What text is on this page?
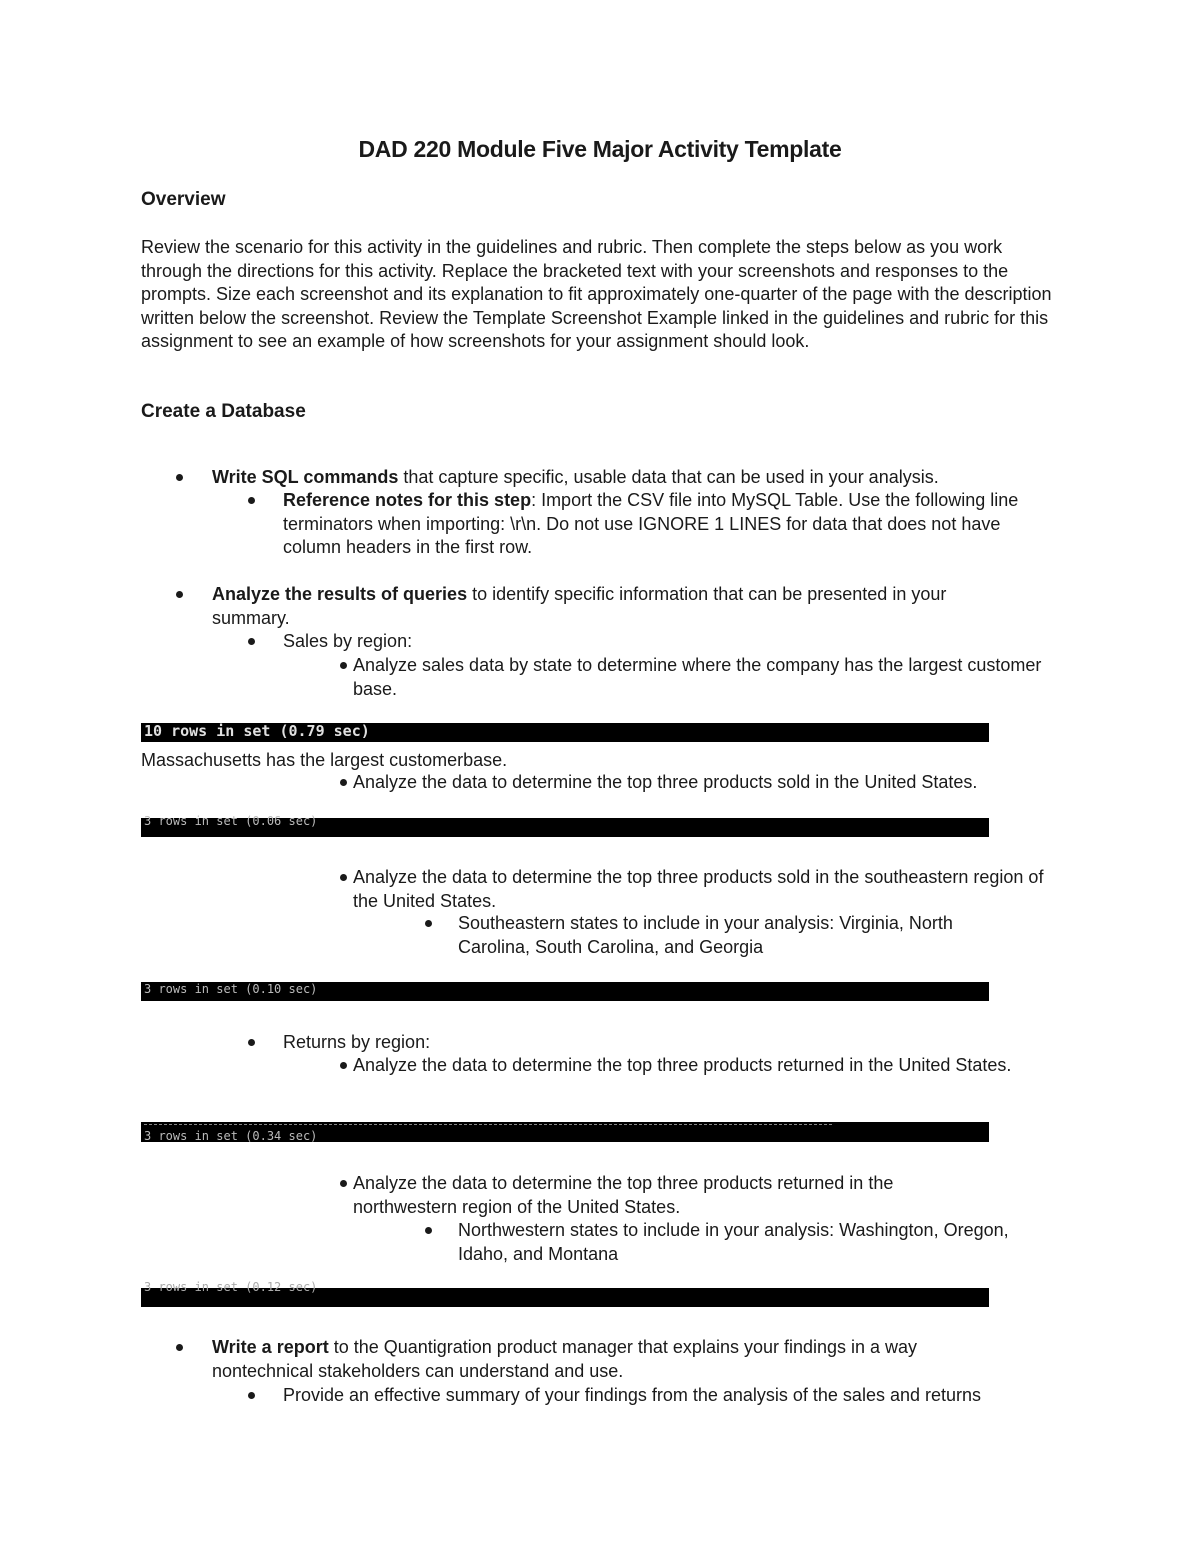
DAD 220 Module Five Major Activity Template
Overview
Review the scenario for this activity in the guidelines and rubric. Then complete the steps below as you work through the directions for this activity. Replace the bracketed text with your screenshots and responses to the prompts. Size each screenshot and its explanation to fit approximately one-quarter of the page with the description written below the screenshot. Review the Template Screenshot Example linked in the guidelines and rubric for this assignment to see an example of how screenshots for your assignment should look.
Create a Database
Write SQL commands that capture specific, usable data that can be used in your analysis.
Reference notes for this step: Import the CSV file into MySQL Table. Use the following line terminators when importing: \r\n. Do not use IGNORE 1 LINES for data that does not have column headers in the first row.
Analyze the results of queries to identify specific information that can be presented in your summary.
Sales by region:
Analyze sales data by state to determine where the company has the largest customer base.
10 rows in set (0.79 sec)
Massachusetts has the largest customerbase.
Analyze the data to determine the top three products sold in the United States.
3 rows in set (0.06 sec)
Analyze the data to determine the top three products sold in the southeastern region of the United States.
Southeastern states to include in your analysis: Virginia, North Carolina, South Carolina, and Georgia
3 rows in set (0.10 sec)
Returns by region:
Analyze the data to determine the top three products returned in the United States.
3 rows in set (0.34 sec)
Analyze the data to determine the top three products returned in the northwestern region of the United States.
Northwestern states to include in your analysis: Washington, Oregon, Idaho, and Montana
3 rows in set (0.12 sec)
Write a report to the Quantigration product manager that explains your findings in a way nontechnical stakeholders can understand and use.
Provide an effective summary of your findings from the analysis of the sales and returns
